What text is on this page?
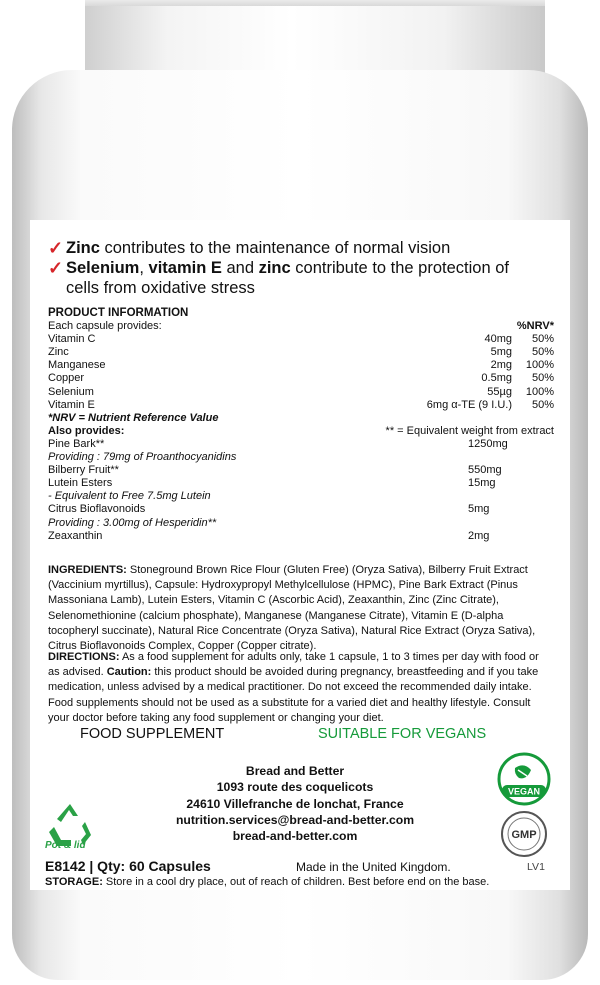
✓ Zinc contributes to the maintenance of normal vision
✓ Selenium, vitamin E and zinc contribute to the protection of
cells from oxidative stress
PRODUCT INFORMATION
Each capsule provides:	%NRV*
Vitamin C	40mg 50%
Zinc	5mg 50%
Manganese	2mg 100%
Copper	0.5mg 50%
Selenium	55µg 100%
Vitamin E	6mg α-TE (9 I.U.) 50%
*NRV = Nutrient Reference Value
Also provides:	** = Equivalent weight from extract
Pine Bark**	1250mg
Providing : 79mg of Proanthocyanidins
Bilberry Fruit**	550mg
Lutein Esters	15mg
- Equivalent to Free 7.5mg Lutein
Citrus Bioflavonoids	5mg
Providing : 3.00mg of Hesperidin**
Zeaxanthin	2mg
INGREDIENTS: Stoneground Brown Rice Flour (Gluten Free) (Oryza Sativa), Bilberry Fruit Extract (Vaccinium myrtillus), Capsule: Hydroxypropyl Methylcellulose (HPMC), Pine Bark Extract (Pinus Massoniana Lamb), Lutein Esters, Vitamin C (Ascorbic Acid), Zeaxanthin, Zinc (Zinc Citrate), Selenomethionine (calcium phosphate), Manganese (Manganese Citrate), Vitamin E (D-alpha tocopheryl succinate), Natural Rice Concentrate (Oryza Sativa), Natural Rice Extract (Oryza Sativa), Citrus Bioflavonoids Complex, Copper (Copper citrate).
DIRECTIONS: As a food supplement for adults only, take 1 capsule, 1 to 3 times per day with food or as advised. Caution: this product should be avoided during pregnancy, breastfeeding and if you take medication, unless advised by a medical practitioner. Do not exceed the recommended daily intake. Food supplements should not be used as a substitute for a varied diet and healthy lifestyle. Consult your doctor before taking any food supplement or changing your diet.
FOOD SUPPLEMENT	SUITABLE FOR VEGANS
Bread and Better
1093 route des coquelicots
24610 Villefranche de lonchat, France
nutrition.services@bread-and-better.com
bread-and-better.com
Pot & lid
VEGAN
GMP
E8142 | Qty: 60 Capsules	Made in the United Kingdom.	LV1
STORAGE: Store in a cool dry place, out of reach of children. Best before end on the base.
